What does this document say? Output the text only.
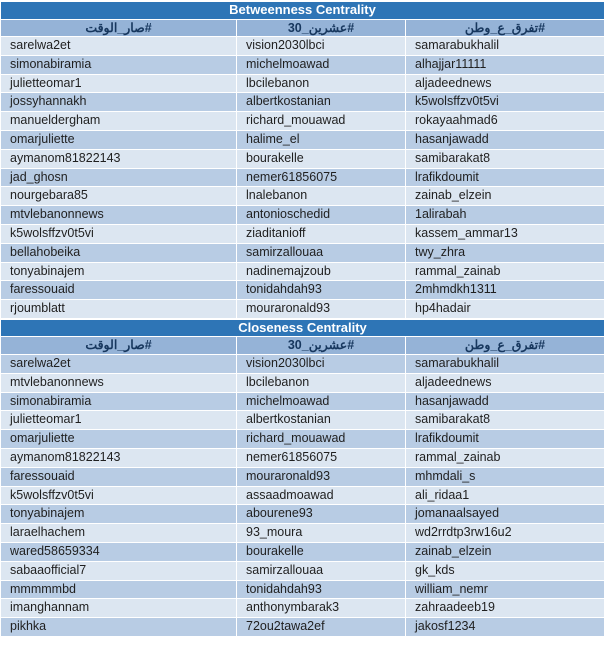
Betweenness Centrality		
#صار_الوقت	#عشرين_30	#تفرق_ع_وطن
sarelwa2et	vision2030lbci	samarabukhalil
simonabiramia	michelmoawad	alhajjar11111
julietteomar1	lbcilebanon	aljadeednews
jossyhannakh	albertkostanian	k5wolsffzv0t5vi
manueldergham	richard_mouawad	rokayaahmad6
omarjuliette	halime_el	hasanjawadd
aymanom81822143	bourakelle	samibarakat8
jad_ghosn	nemer61856075	lrafikdoumit
nourgebara85	lnalebanon	zainab_elzein
mtvlebanonnews	antonioschedid	1alirabah
k5wolsffzv0t5vi	ziaditanioff	kassem_ammar13
bellahobeika	samirzallouaa	twy_zhra
tonyabinajem	nadinemajzoub	rammal_zainab
faressouaid	tonidahdah93	2mhmdkh1311
rjoumblatt	mouraronald93	hp4hadair
Closeness Centrality		
#صار_الوقت	#عشرين_30	#تفرق_ع_وطن
sarelwa2et	vision2030lbci	samarabukhalil
mtvlebanonnews	lbcilebanon	aljadeednews
simonabiramia	michelmoawad	hasanjawadd
julietteomar1	albertkostanian	samibarakat8
omarjuliette	richard_mouawad	lrafikdoumit
aymanom81822143	nemer61856075	rammal_zainab
faressouaid	mouraronald93	mhmdali_s
k5wolsffzv0t5vi	assaadmoawad	ali_ridaa1
tonyabinajem	abourene93	jomanaalsayed
laraelhachem	93_moura	wd2rrdtp3rw16u2
wared58659334	bourakelle	zainab_elzein
sabaaofficial7	samirzallouaa	gk_kds
mmmmmbd	tonidahdah93	william_nemr
imanghannam	anthonymbarak3	zahraadeeb19
pikhka	72ou2tawa2ef	jakosf1234
